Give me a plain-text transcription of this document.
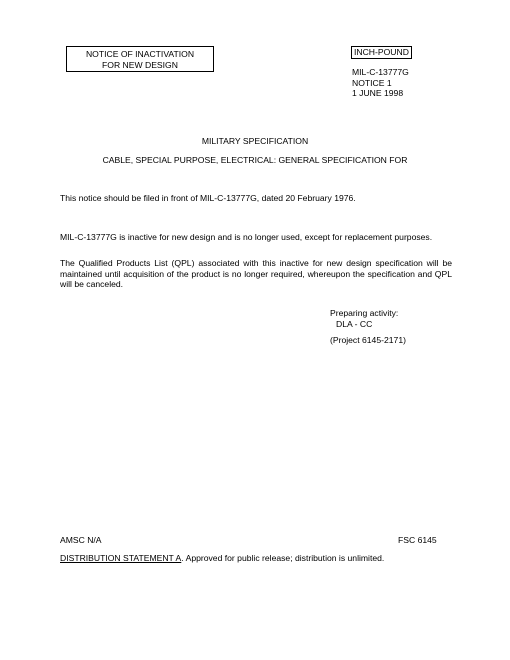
NOTICE OF INACTIVATION
FOR NEW DESIGN
INCH-POUND
MIL-C-13777G
NOTICE 1
1 JUNE 1998
MILITARY SPECIFICATION
CABLE, SPECIAL PURPOSE, ELECTRICAL: GENERAL SPECIFICATION FOR
This notice should be filed in front of MIL-C-13777G, dated 20 February 1976.
MIL-C-13777G is inactive for new design and is no longer used, except for replacement purposes.
The Qualified Products List (QPL) associated with this inactive for new design specification will be maintained until acquisition of the product is no longer required, whereupon the specification and QPL will be canceled.
Preparing activity:
DLA - CC
(Project 6145-2171)
AMSC N/A	FSC 6145
DISTRIBUTION STATEMENT A. Approved for public release; distribution is unlimited.
